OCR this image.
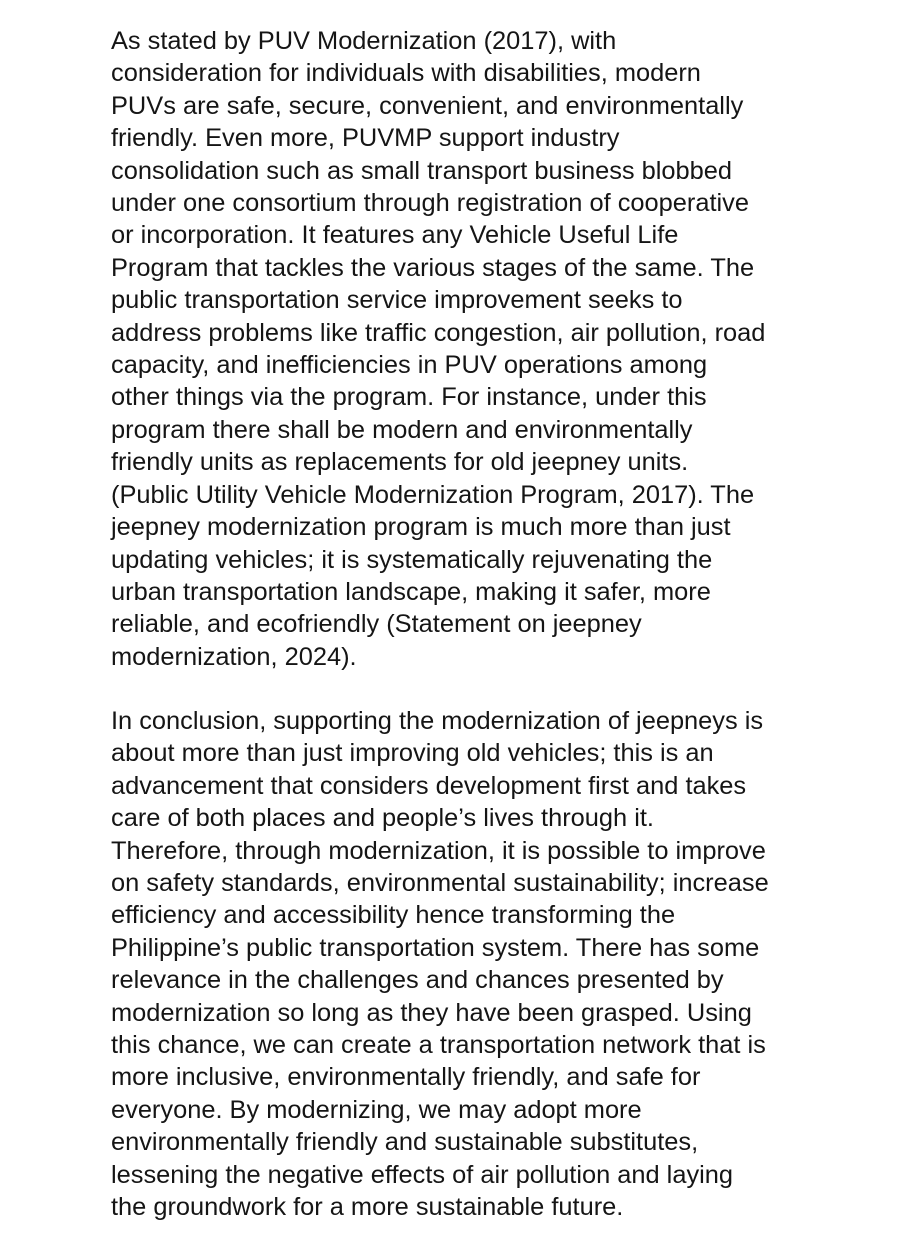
As stated by PUV Modernization (2017), with
consideration for individuals with disabilities, modern
PUVs are safe, secure, convenient, and environmentally
friendly. Even more, PUVMP support industry
consolidation such as small transport business blobbed
under one consortium through registration of cooperative
or incorporation. It features any Vehicle Useful Life
Program that tackles the various stages of the same. The
public transportation service improvement seeks to
address problems like traffic congestion, air pollution, road
capacity, and inefficiencies in PUV operations among
other things via the program. For instance, under this
program there shall be modern and environmentally
friendly units as replacements for old jeepney units.
(Public Utility Vehicle Modernization Program, 2017). The
jeepney modernization program is much more than just
updating vehicles; it is systematically rejuvenating the
urban transportation landscape, making it safer, more
reliable, and ecofriendly (Statement on jeepney
modernization, 2024).
In conclusion, supporting the modernization of jeepneys is
about more than just improving old vehicles; this is an
advancement that considers development first and takes
care of both places and people’s lives through it.
Therefore, through modernization, it is possible to improve
on safety standards, environmental sustainability; increase
efficiency and accessibility hence transforming the
Philippine’s public transportation system. There has some
relevance in the challenges and chances presented by
modernization so long as they have been grasped. Using
this chance, we can create a transportation network that is
more inclusive, environmentally friendly, and safe for
everyone. By modernizing, we may adopt more
environmentally friendly and sustainable substitutes,
lessening the negative effects of air pollution and laying
the groundwork for a more sustainable future.
